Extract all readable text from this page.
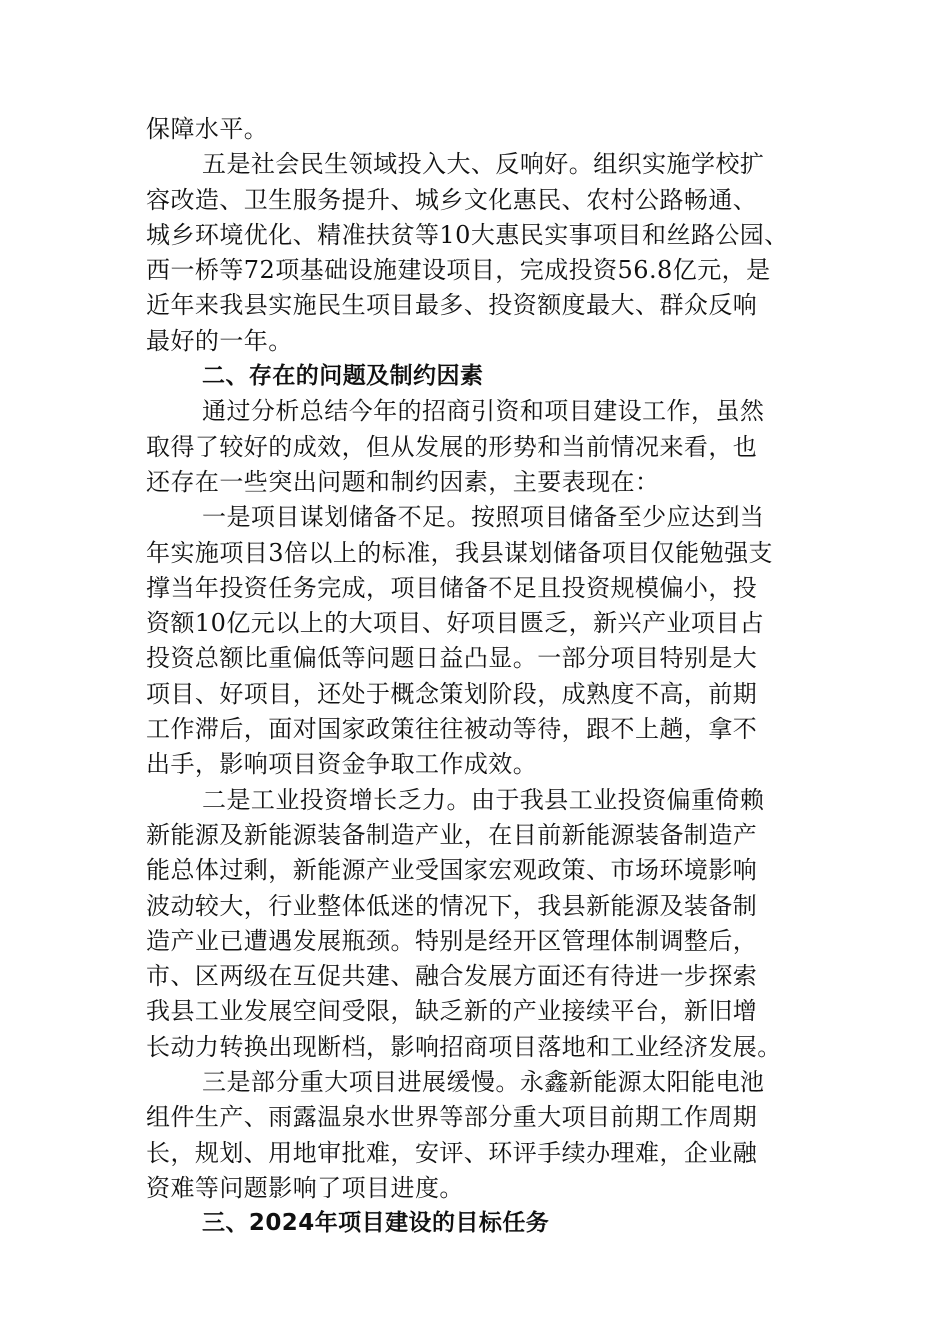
保障水平。
五是社会民生领域投入大、反响好。组织实施学校扩
容改造、卫生服务提升、城乡文化惠民、农村公路畅通、
城乡环境优化、精准扶贫等10大惠民实事项目和丝路公园、
西一桥等72项基础设施建设项目，完成投资56.8亿元，是
近年来我县实施民生项目最多、投资额度最大、群众反响
最好的一年。
二、存在的问题及制约因素
通过分析总结今年的招商引资和项目建设工作，虽然
取得了较好的成效，但从发展的形势和当前情况来看，也
还存在一些突出问题和制约因素，主要表现在：
一是项目谋划储备不足。按照项目储备至少应达到当
年实施项目3倍以上的标准，我县谋划储备项目仅能勉强支
撑当年投资任务完成，项目储备不足且投资规模偏小，投
资额10亿元以上的大项目、好项目匮乏，新兴产业项目占
投资总额比重偏低等问题日益凸显。一部分项目特别是大
项目、好项目，还处于概念策划阶段，成熟度不高，前期
工作滞后，面对国家政策往往被动等待，跟不上趟，拿不
出手，影响项目资金争取工作成效。
二是工业投资增长乏力。由于我县工业投资偏重倚赖
新能源及新能源装备制造产业，在目前新能源装备制造产
能总体过剩，新能源产业受国家宏观政策、市场环境影响
波动较大，行业整体低迷的情况下，我县新能源及装备制
造产业已遭遇发展瓶颈。特别是经开区管理体制调整后，
市、区两级在互促共建、融合发展方面还有待进一步探索
我县工业发展空间受限，缺乏新的产业接续平台，新旧增
长动力转换出现断档，影响招商项目落地和工业经济发展。
三是部分重大项目进展缓慢。永鑫新能源太阳能电池
组件生产、雨露温泉水世界等部分重大项目前期工作周期
长，规划、用地审批难，安评、环评手续办理难，企业融
资难等问题影响了项目进度。
三、2024年项目建设的目标任务
